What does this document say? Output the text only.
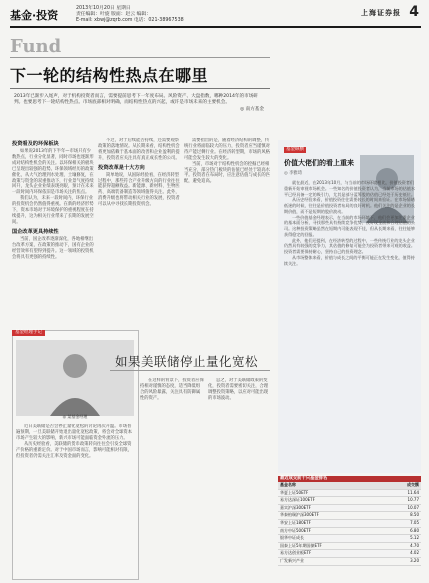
基金·投资
2013年10月20日 星期日
责任编辑：叶旋 版面：赵云 编辑：
E-mail: xbwj@zqrb.com 电话：021-38967538
上海证券报 4
Fund
下一轮的结构性热点在哪里
2013年已渐步入尾声，对于机构投资者而言，需要提前思考下一年度布局。风险资产、大盘指数，哪种2014年的市场研判。也要思考下一轮结构性热点。市场底部相对明确，而结构性热点的兴起，或许是市场未来的主要机会。
◎ 南方基金

投资看及的环保板块

如果说2013年的下半年—市场只有少数热点，行业分化显著，同时市场也逐渐形成对结构性机会的关注。以环保相关的板块已呈现出较强的趋势。环保领域经历的政策催化，从大气治理到水处理、土壤修复，在政策与资金的双重推动下，行业景气度持续回升，龙头企业业绩表现亮眼，预计在未来一段时间内环保依旧是市场关注的焦点。

我们认为，未来一段时间内，环保行业的投资机会仍然值得重视。在新的经济形势下，资本市场对于环境保护的重视程度在持续提升，这为相关行业带来了长期的发展空间。

国企改革更具持续性

当前，国企改革逐渐深化，各地相继出台改革方案，在政策的推动下，国有企业的经营效率有望得到提升。这一领域的投资机会将具有更强的持续性。

不过，对于后续能否持续，还需要观察政策的落地情况。从长期来看，结构性机会将更加依赖于基本面的改善和企业盈利的提升，投资者应关注具有真正成长性的公司。

投资改革是十大方向

简单地说，从国际经验看，在经济转型过程中，那些符合产业升级方向的行业往往能获得超额收益。新能源、新材料、生物医药、高端装备制造等领域值得关注。此外，消费升级也将带动相关行业的发展，投资者可以从中寻找长期投资机会。

需要指出的是，随着经济结构的调整，传统行业将面临较大的压力，投资者应当谨慎对待产能过剩行业。在经济转型期，市场的风格可能会发生较大的变化。

当前，市场对于结构性机会的挖掘已经相当充分，部分热门板块的估值已经处于较高水平。投资者在布局时，应注意估值与成长的匹配，避免追高。

基金纵横
价值大佬们的看上重来
◎ 李雅琦

就在最近，在2013年10月，与当前的市场环境相比，价值投资者们重新开始审视市场机会。一些知名的价值投资者认为，当前市场的估值水平已经具备一定的吸引力，尤其是部分蓝筹股的估值已经处于历史低位。

从历史经验来看，价值投资往往需要较长的时间来验证。在市场情绪低迷的时候，往往是价值投资者布局的良好时机。他们关注的是企业的长期价值，而不是短期的股价波动。

一些价值基金经理表示，在当前的市场环境下，他们会更加注重企业的基本面分析，寻找那些具有持续竞争优势、良好现金流和合理估值的公司。这种投资策略虽然在短期内可能表现不佳，但从长期来看，往往能够获得稳定的回报。

此外，他们还提到，在经济转型的过程中，一些传统行业的龙头企业仍然具有较强的竞争力，其估值的修复可能会为投资者带来可观的收益。投资者需要保持耐心，坚持自己的投资理念。

从市场整体来看，价值与成长之间的平衡可能正在发生变化，值得持续关注。

基金经理手记
◎ 某基金经理
如果美联储停止量化宽松

近日美联储是否会停止量化宽松的讨论再次升温。市场普遍预期，一旦美联储开始退出量化宽松政策，将会对全球资本市场产生较大的影响，新兴市场可能面临资金外流的压力。

从历史经验看，美联储的货币政策转向往往会引发全球资产价格的重新定价。对于中国市场而言，影响可能相对有限，但投资者仍需关注汇率及资金面的变化。

在这样的背景下，投资者应保持相对谨慎的态度，适当降低组合的风险暴露，关注具有防御属性的资产。

总之，对于美联储政策的变化，投资者需要密切关注，合理调整投资策略，以应对可能出现的市场波动。

最近成交前十只基金排名
基金名称	成交额
华夏上证50ETF	11.64
易方达深证100ETF	10.77
嘉实沪深300ETF	10.07
华泰柏瑞沪深300ETF	8.50
华安上证180ETF	7.05
南方中证500ETF	6.80
银华中证成长	5.12
国泰上证5年期国债ETF	4.70
易方达创业板ETF	4.02
广发新兴产业	3.20
